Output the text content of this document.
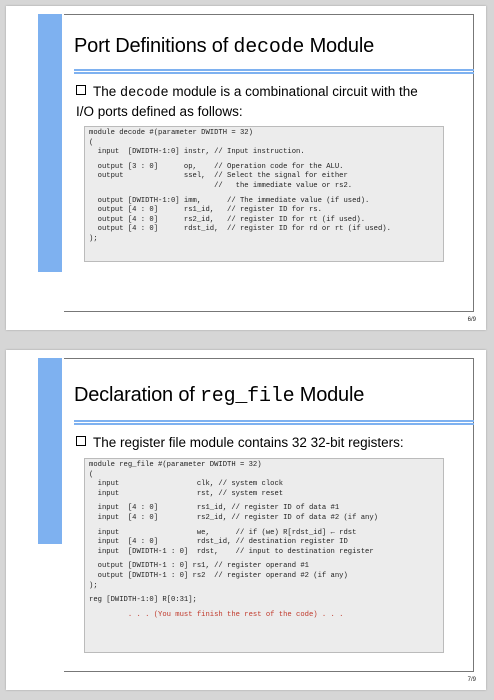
Port Definitions of decode Module
The decode module is a combinational circuit with the I/O ports defined as follows:
module decode #(parameter DWIDTH = 32)
(
input  [DWIDTH-1:0] instr, // Input instruction.
output [3 : 0]      op,    // Operation code for the ALU.
output              ssel,  // Select the signal for either
//   the immediate value or rs2.
output [DWIDTH-1:0] imm,      // The immediate value (if used).
output [4 : 0]      rs1_id,   // register ID for rs.
output [4 : 0]      rs2_id,   // register ID for rt (if used).
output [4 : 0]      rdst_id,  // register ID for rd or rt (if used).
);
6/9
Declaration of reg_file Module
The register file module contains 32 32-bit registers:
module reg_file #(parameter DWIDTH = 32)
(
input                  clk, // system clock
input                  rst, // system reset
input  [4 : 0]         rs1_id, // register ID of data #1
input  [4 : 0]         rs2_id, // register ID of data #2 (if any)
input                  we,      // if (we) R[rdst_id] ← rdst
input  [4 : 0]         rdst_id, // destination register ID
input  [DWIDTH-1 : 0]  rdst,    // input to destination register
output [DWIDTH-1 : 0] rs1, // register operand #1
output [DWIDTH-1 : 0] rs2  // register operand #2 (if any)
);
reg [DWIDTH-1:0] R[0:31];
. . . (You must finish the rest of the code) . . .
7/9
